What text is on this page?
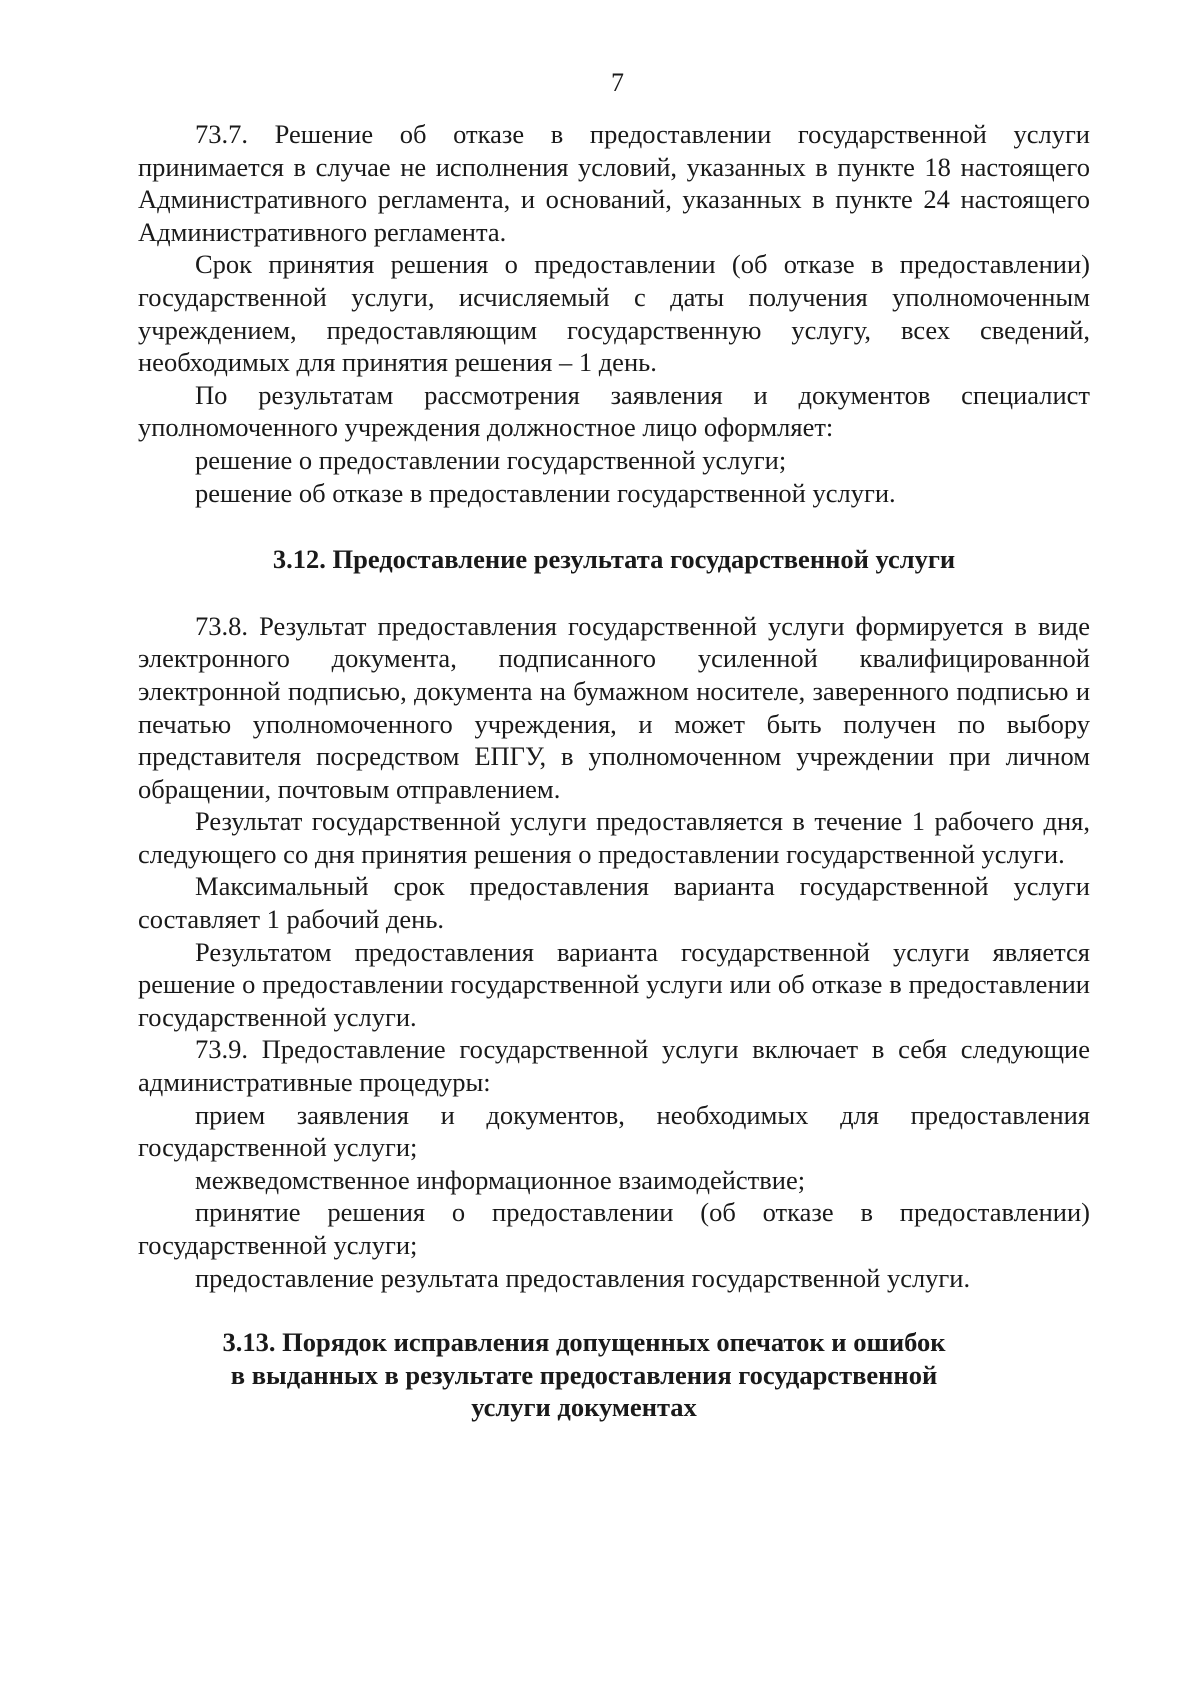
7

73.7. Решение об отказе в предоставлении государственной услуги принимается в случае не исполнения условий, указанных в пункте 18 настоящего Административного регламента, и оснований, указанных в пункте 24 настоящего Административного регламента.

Срок принятия решения о предоставлении (об отказе в предоставлении) государственной услуги, исчисляемый с даты получения уполномоченным учреждением, предоставляющим государственную услугу, всех сведений, необходимых для принятия решения – 1 день.

По результатам рассмотрения заявления и документов специалист уполномоченного учреждения должностное лицо оформляет:

решение о предоставлении государственной услуги;

решение об отказе в предоставлении государственной услуги.

3.12. Предоставление результата государственной услуги

73.8. Результат предоставления государственной услуги формируется в виде электронного документа, подписанного усиленной квалифицированной электронной подписью, документа на бумажном носителе, заверенного подписью и печатью уполномоченного учреждения, и может быть получен по выбору представителя посредством ЕПГУ, в уполномоченном учреждении при личном обращении, почтовым отправлением.

Результат государственной услуги предоставляется в течение 1 рабочего дня, следующего со дня принятия решения о предоставлении государственной услуги.

Максимальный срок предоставления варианта государственной услуги составляет 1 рабочий день.

Результатом предоставления варианта государственной услуги является решение о предоставлении государственной услуги или об отказе в предоставлении государственной услуги.

73.9. Предоставление государственной услуги включает в себя следующие административные процедуры:

прием заявления и документов, необходимых для предоставления государственной услуги;

межведомственное информационное взаимодействие;

принятие решения о предоставлении (об отказе в предоставлении) государственной услуги;

предоставление результата предоставления государственной услуги.

3.13. Порядок исправления допущенных опечаток и ошибок
в выданных в результате предоставления государственной
услуги документах
